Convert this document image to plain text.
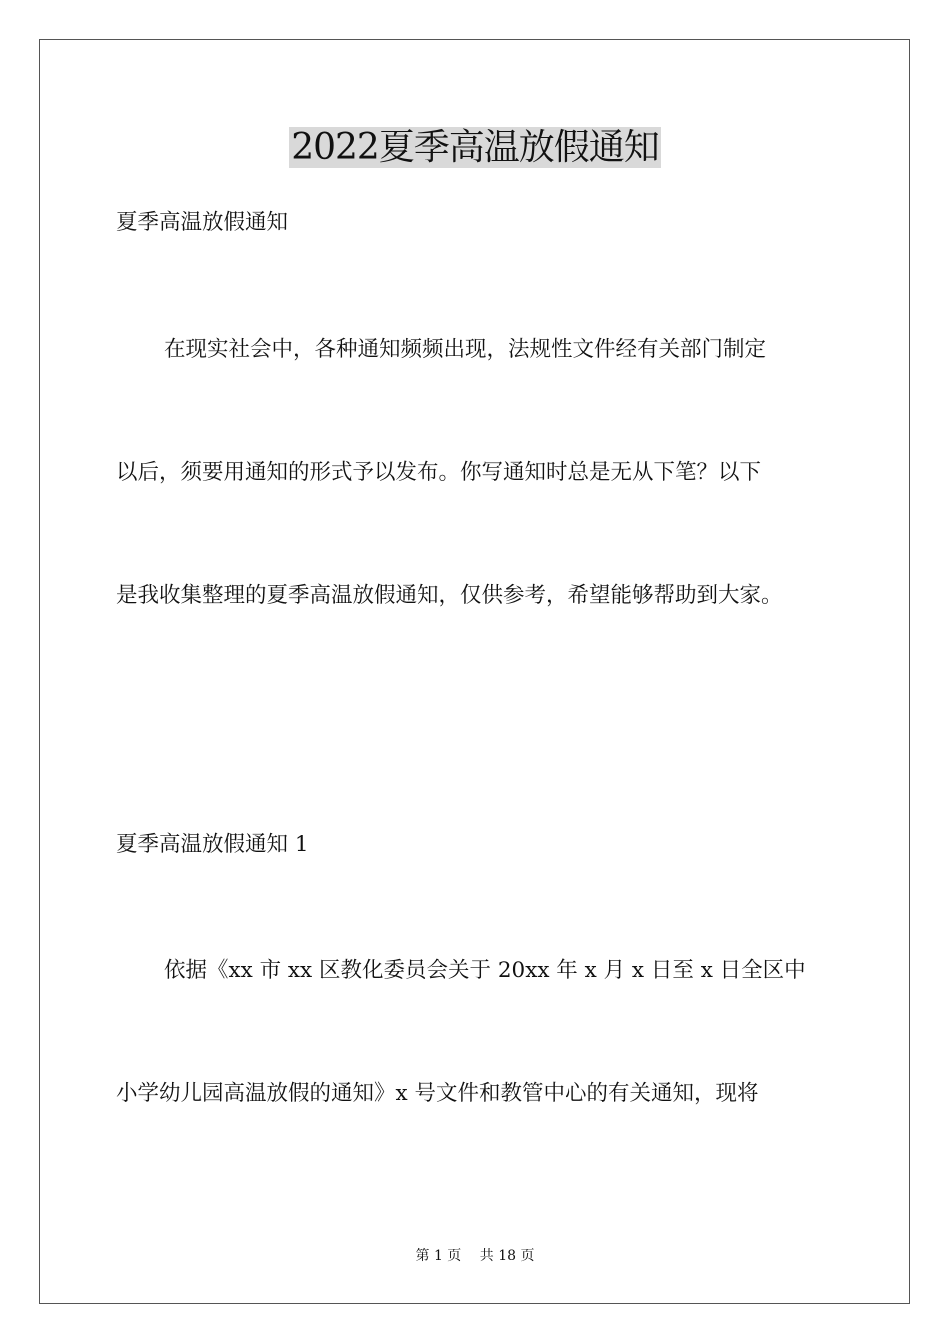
2022夏季高温放假通知
夏季高温放假通知
在现实社会中，各种通知频频出现，法规性文件经有关部门制定
以后，须要用通知的形式予以发布。你写通知时总是无从下笔？以下
是我收集整理的夏季高温放假通知，仅供参考，希望能够帮助到大家。
夏季高温放假通知 1
依据《xx 市 xx 区教化委员会关于 20xx 年 x 月 x 日至 x 日全区中
小学幼儿园高温放假的通知》x 号文件和教管中心的有关通知，现将
第 1 页 共 18 页
